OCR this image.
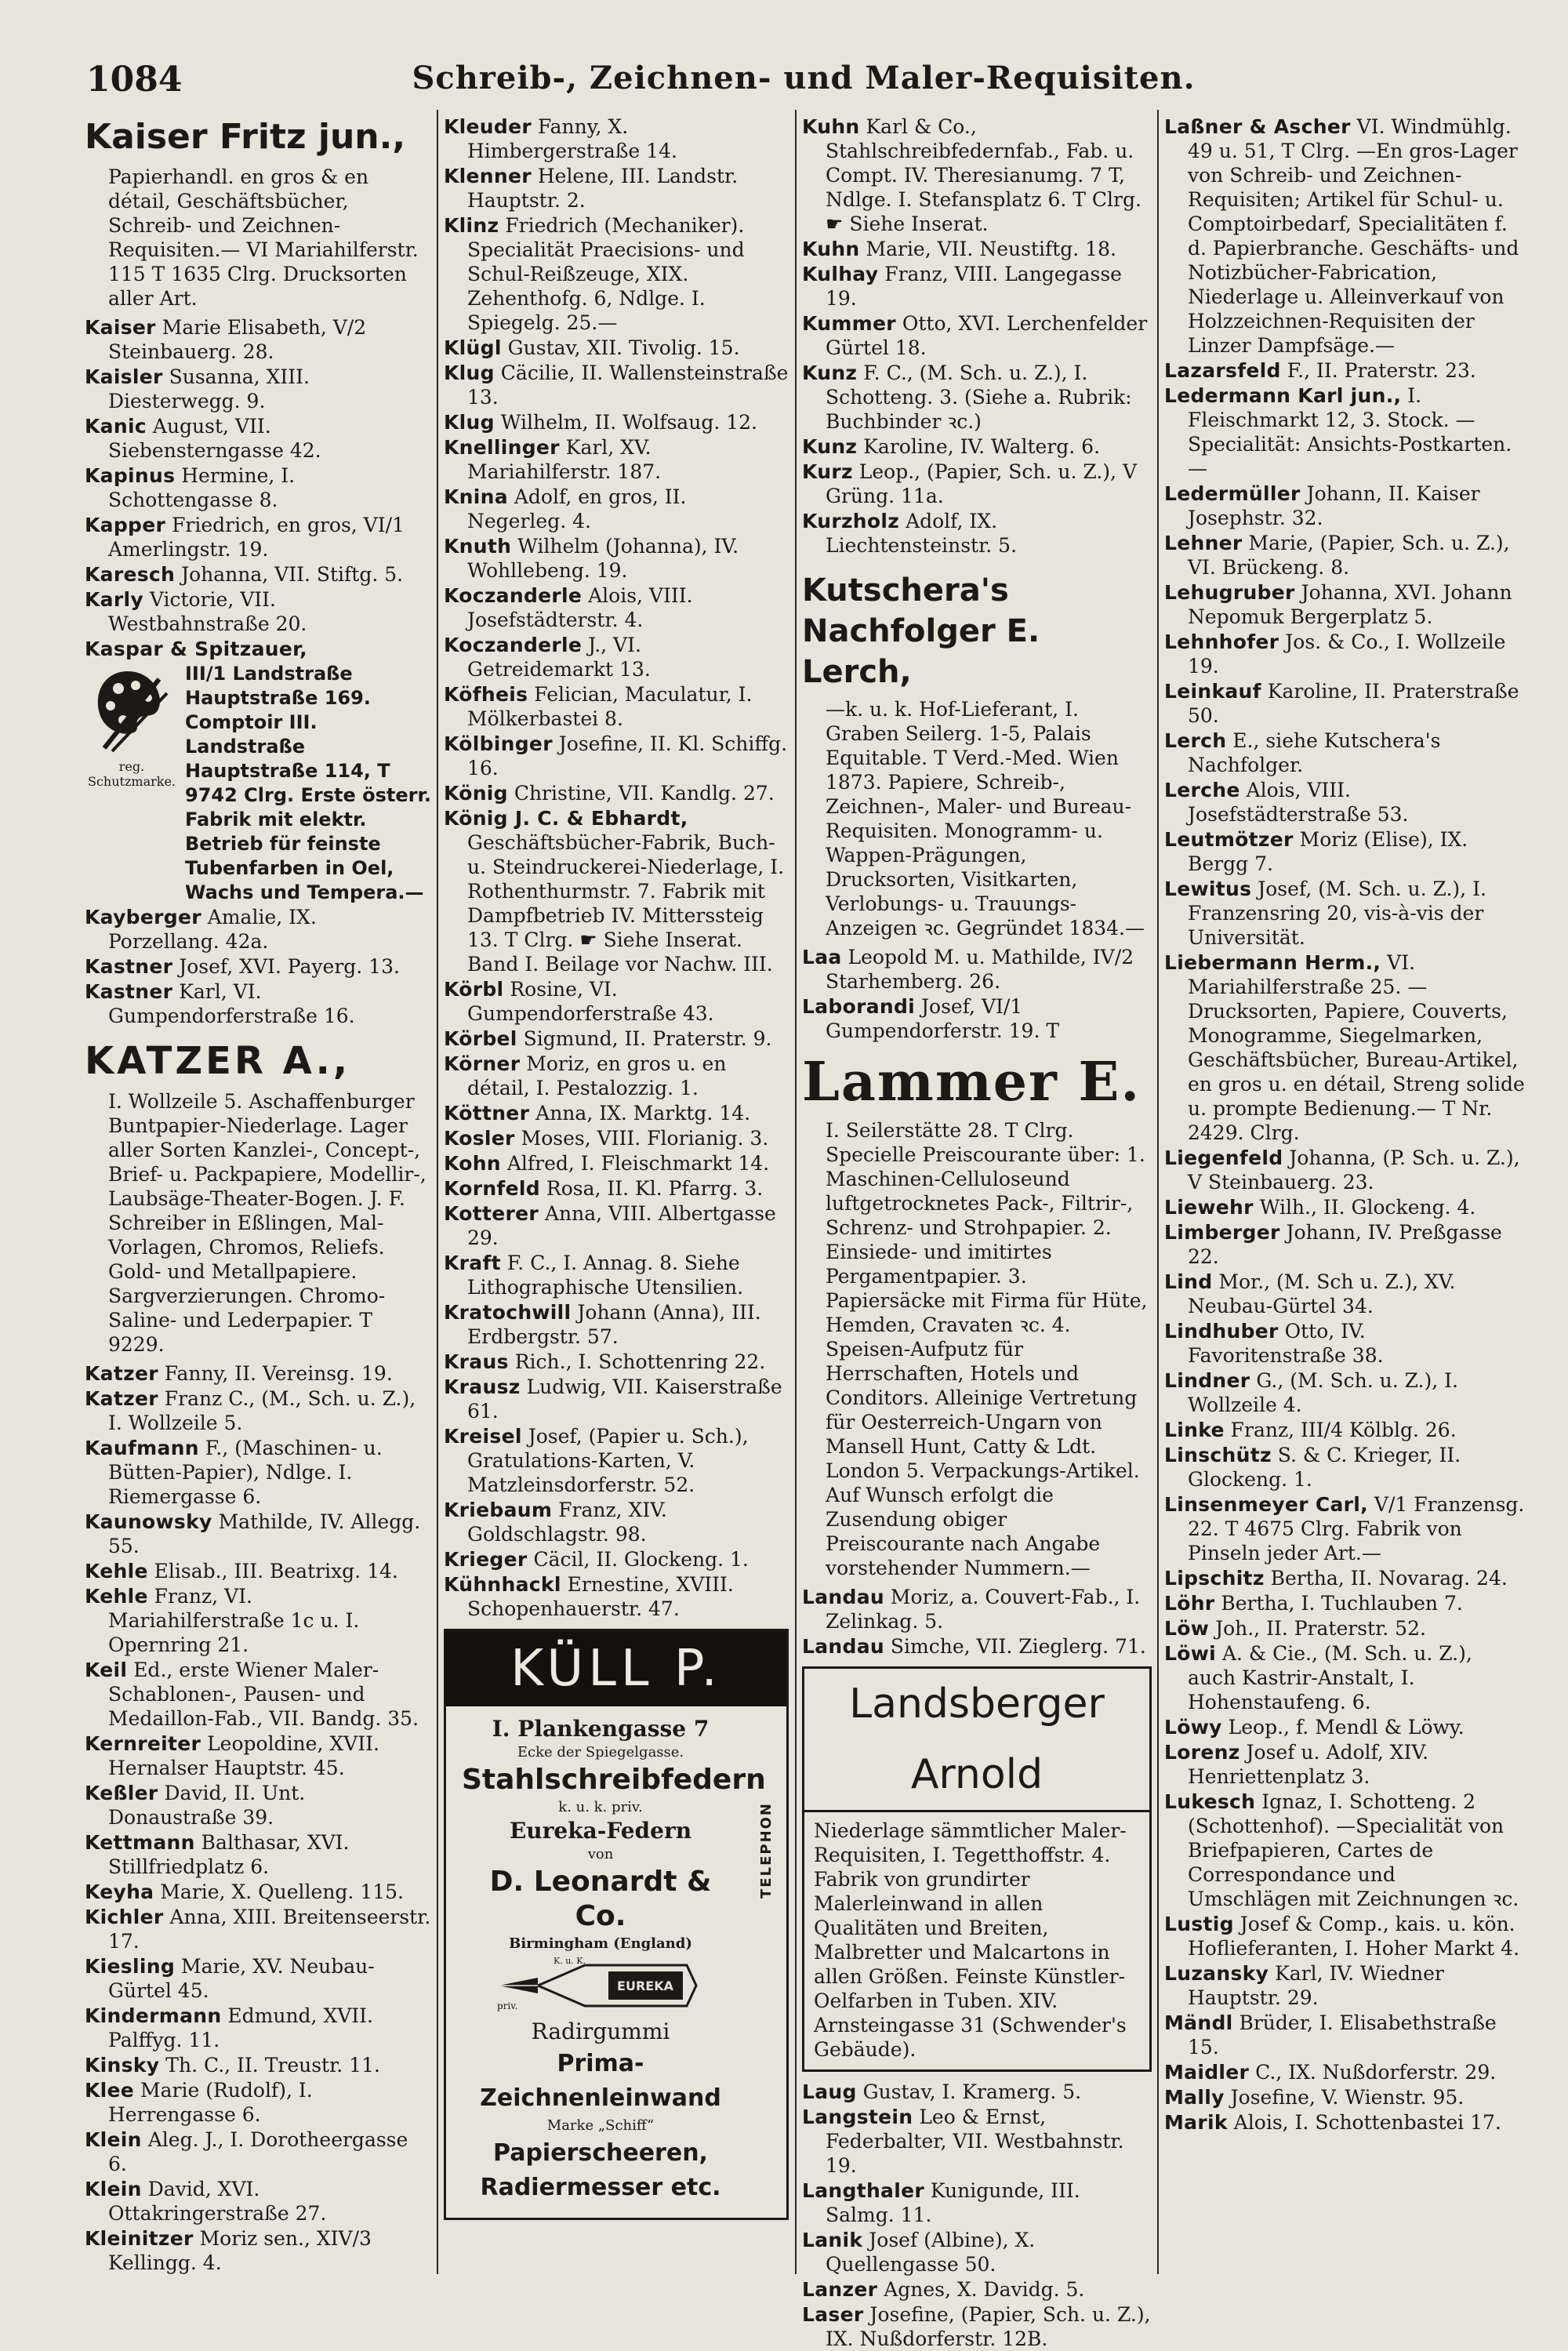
1084	Schreib-, Zeichnen- und Maler-Requisiten.
Kaiser Fritz jun.,
Papierhandl. en gros & en détail, Geschäftsbücher, Schreib- und Zeichnen-Requisiten.— VI Mariahilferstr. 115 T 1635 Clrg. Drucksorten aller Art.
Kaiser Marie Elisabeth, V/2 Steinbauerg. 28.
Kaisler Susanna, XIII. Diesterwegg. 9.
Kanic August, VII. Siebensterngasse 42.
Kapinus Hermine, I. Schottengasse 8.
Kapper Friedrich, en gros, VI/1 Amerlingstr. 19.
Karesch Johanna, VII. Stiftg. 5.
Karly Victorie, VII. Westbahnstraße 20.
Kaspar & Spitzauer,
reg. Schutzmarke.
III/1 Landstraße Hauptstraße 169. Comptoir III. Landstraße Hauptstraße 114, T 9742 Clrg. Erste österr. Fabrik mit elektr. Betrieb für feinste Tubenfarben in Oel, Wachs und Tempera.—
Kayberger Amalie, IX. Porzellang. 42a.
Kastner Josef, XVI. Payerg. 13.
Kastner Karl, VI. Gumpendorferstraße 16.
KATZER A.,
I. Wollzeile 5. Aschaffenburger Buntpapier-Niederlage. Lager aller Sorten Kanzlei-, Concept-, Brief- u. Packpapiere, Modellir-, Laubsäge-Theater-Bogen. J. F. Schreiber in Eßlingen, Mal-Vorlagen, Chromos, Reliefs. Gold- und Metallpapiere. Sargverzierungen. Chromo-Saline- und Lederpapier. T 9229.
Katzer Fanny, II. Vereinsg. 19.
Katzer Franz C., (M., Sch. u. Z.), I. Wollzeile 5.
Kaufmann F., (Maschinen- u. Bütten-Papier), Ndlge. I. Riemergasse 6.
Kaunowsky Mathilde, IV. Allegg. 55.
Kehle Elisab., III. Beatrixg. 14.
Kehle Franz, VI. Mariahilferstraße 1c u. I. Opernring 21.
Keil Ed., erste Wiener Maler-Schablonen-, Pausen- und Medaillon-Fab., VII. Bandg. 35.
Kernreiter Leopoldine, XVII. Hernalser Hauptstr. 45.
Keßler David, II. Unt. Donaustraße 39.
Kettmann Balthasar, XVI. Stillfriedplatz 6.
Keyha Marie, X. Quelleng. 115.
Kichler Anna, XIII. Breitenseerstr. 17.
Kiesling Marie, XV. Neubau-Gürtel 45.
Kindermann Edmund, XVII. Palffyg. 11.
Kinsky Th. C., II. Treustr. 11.
Klee Marie (Rudolf), I. Herrengasse 6.
Klein Aleg. J., I. Dorotheergasse 6.
Klein David, XVI. Ottakringerstraße 27.
Kleinitzer Moriz sen., XIV/3 Kellingg. 4.
Kleuder Fanny, X. Himbergerstraße 14.
Klenner Helene, III. Landstr. Hauptstr. 2.
Klinz Friedrich (Mechaniker). Specialität Praecisions- und Schul-Reißzeuge, XIX. Zehenthofg. 6, Ndlge. I. Spiegelg. 25.—
Klügl Gustav, XII. Tivolig. 15.
Klug Cäcilie, II. Wallensteinstraße 13.
Klug Wilhelm, II. Wolfsaug. 12.
Knellinger Karl, XV. Mariahilferstr. 187.
Knina Adolf, en gros, II. Negerleg. 4.
Knuth Wilhelm (Johanna), IV. Wohllebeng. 19.
Koczanderle Alois, VIII. Josefstädterstr. 4.
Koczanderle J., VI. Getreidemarkt 13.
Köfheis Felician, Maculatur, I. Mölkerbastei 8.
Kölbinger Josefine, II. Kl. Schiffg. 16.
König Christine, VII. Kandlg. 27.
König J. C. & Ebhardt, Geschäftsbücher-Fabrik, Buch- u. Steindruckerei-Niederlage, I. Rothenthurmstr. 7. Fabrik mit Dampfbetrieb IV. Mitterssteig 13. T Clrg. ☛ Siehe Inserat. Band I. Beilage vor Nachw. III.
Körbl Rosine, VI. Gumpendorferstraße 43.
Körbel Sigmund, II. Praterstr. 9.
Körner Moriz, en gros u. en détail, I. Pestalozzig. 1.
Köttner Anna, IX. Marktg. 14.
Kosler Moses, VIII. Florianig. 3.
Kohn Alfred, I. Fleischmarkt 14.
Kornfeld Rosa, II. Kl. Pfarrg. 3.
Kotterer Anna, VIII. Albertgasse 29.
Kraft F. C., I. Annag. 8. Siehe Lithographische Utensilien.
Kratochwill Johann (Anna), III. Erdbergstr. 57.
Kraus Rich., I. Schottenring 22.
Krausz Ludwig, VII. Kaiserstraße 61.
Kreisel Josef, (Papier u. Sch.), Gratulations-Karten, V. Matzleinsdorferstr. 52.
Kriebaum Franz, XIV. Goldschlagstr. 98.
Krieger Cäcil, II. Glockeng. 1.
Kühnhackl Ernestine, XVIII. Schopenhauerstr. 47.
KÜLL P.
I. Plankengasse 7
Ecke der Spiegelgasse.
Stahlschreibfedern
k. u. k. priv.
Eureka-Federn
von
D. Leonardt & Co.
Birmingham (England)
EUREKA
K. u. K.
priv.
Radirgummi
Prima-Zeichnenleinwand
Marke „Schiff“
Papierscheeren, Radiermesser etc.
TELEPHON
Kuhn Karl & Co., Stahlschreibfedernfab., Fab. u. Compt. IV. Theresianumg. 7 T, Ndlge. I. Stefansplatz 6. T Clrg. ☛ Siehe Inserat.
Kuhn Marie, VII. Neustiftg. 18.
Kulhay Franz, VIII. Langegasse 19.
Kummer Otto, XVI. Lerchenfelder Gürtel 18.
Kunz F. C., (M. Sch. u. Z.), I. Schotteng. 3. (Siehe a. Rubrik: Buchbinder ꝛc.)
Kunz Karoline, IV. Walterg. 6.
Kurz Leop., (Papier, Sch. u. Z.), V Grüng. 11a.
Kurzholz Adolf, IX. Liechtensteinstr. 5.
Kutschera's Nachfolger E. Lerch,
—k. u. k. Hof-Lieferant, I. Graben Seilerg. 1-5, Palais Equitable. T Verd.-Med. Wien 1873. Papiere, Schreib-, Zeichnen-, Maler- und Bureau-Requisiten. Monogramm- u. Wappen-Prägungen, Drucksorten, Visitkarten, Verlobungs- u. Trauungs-Anzeigen ꝛc. Gegründet 1834.—
Laa Leopold M. u. Mathilde, IV/2 Starhemberg. 26.
Laborandi Josef, VI/1 Gumpendorferstr. 19. T
Lammer E.
I. Seilerstätte 28. T Clrg. Specielle Preiscourante über: 1. Maschinen-Celluloseund luftgetrocknetes Pack-, Filtrir-, Schrenz- und Strohpapier. 2. Einsiede- und imitirtes Pergamentpapier. 3. Papiersäcke mit Firma für Hüte, Hemden, Cravaten ꝛc. 4. Speisen-Aufputz für Herrschaften, Hotels und Conditors. Alleinige Vertretung für Oesterreich-Ungarn von Mansell Hunt, Catty & Ldt. London 5. Verpackungs-Artikel. Auf Wunsch erfolgt die Zusendung obiger Preiscourante nach Angabe vorstehender Nummern.—
Landau Moriz, a. Couvert-Fab., I. Zelinkag. 5.
Landau Simche, VII. Zieglerg. 71.
Landsberger Arnold
Niederlage sämmtlicher Maler-Requisiten, I. Tegetthoffstr. 4. Fabrik von grundirter Malerleinwand in allen Qualitäten und Breiten, Malbretter und Malcartons in allen Größen. Feinste Künstler-Oelfarben in Tuben. XIV. Arnsteingasse 31 (Schwender's Gebäude).
Laug Gustav, I. Kramerg. 5.
Langstein Leo & Ernst, Federbalter, VII. Westbahnstr. 19.
Langthaler Kunigunde, III. Salmg. 11.
Lanik Josef (Albine), X. Quellengasse 50.
Lanzer Agnes, X. Davidg. 5.
Laser Josefine, (Papier, Sch. u. Z.), IX. Nußdorferstr. 12B.
Laßner & Ascher VI. Windmühlg. 49 u. 51, T Clrg. —En gros-Lager von Schreib- und Zeichnen-Requisiten; Artikel für Schul- u. Comptoirbedarf, Specialitäten f. d. Papierbranche. Geschäfts- und Notizbücher-Fabrication, Niederlage u. Alleinverkauf von Holzzeichnen-Requisiten der Linzer Dampfsäge.—
Lazarsfeld F., II. Praterstr. 23.
Ledermann Karl jun., I. Fleischmarkt 12, 3. Stock. —Specialität: Ansichts-Postkarten.—
Ledermüller Johann, II. Kaiser Josephstr. 32.
Lehner Marie, (Papier, Sch. u. Z.), VI. Brückeng. 8.
Lehugruber Johanna, XVI. Johann Nepomuk Bergerplatz 5.
Lehnhofer Jos. & Co., I. Wollzeile 19.
Leinkauf Karoline, II. Praterstraße 50.
Lerch E., siehe Kutschera's Nachfolger.
Lerche Alois, VIII. Josefstädterstraße 53.
Leutmötzer Moriz (Elise), IX. Bergg 7.
Lewitus Josef, (M. Sch. u. Z.), I. Franzensring 20, vis-à-vis der Universität.
Liebermann Herm., VI. Mariahilferstraße 25. —Drucksorten, Papiere, Couverts, Monogramme, Siegelmarken, Geschäftsbücher, Bureau-Artikel, en gros u. en détail, Streng solide u. prompte Bedienung.— T Nr. 2429. Clrg.
Liegenfeld Johanna, (P. Sch. u. Z.), V Steinbauerg. 23.
Liewehr Wilh., II. Glockeng. 4.
Limberger Johann, IV. Preßgasse 22.
Lind Mor., (M. Sch u. Z.), XV. Neubau-Gürtel 34.
Lindhuber Otto, IV. Favoritenstraße 38.
Lindner G., (M. Sch. u. Z.), I. Wollzeile 4.
Linke Franz, III/4 Kölblg. 26.
Linschütz S. & C. Krieger, II. Glockeng. 1.
Linsenmeyer Carl, V/1 Franzensg. 22. T 4675 Clrg. Fabrik von Pinseln jeder Art.—
Lipschitz Bertha, II. Novarag. 24.
Löhr Bertha, I. Tuchlauben 7.
Löw Joh., II. Praterstr. 52.
Löwi A. & Cie., (M. Sch. u. Z.), auch Kastrir-Anstalt, I. Hohenstaufeng. 6.
Löwy Leop., f. Mendl & Löwy.
Lorenz Josef u. Adolf, XIV. Henriettenplatz 3.
Lukesch Ignaz, I. Schotteng. 2 (Schottenhof). —Specialität von Briefpapieren, Cartes de Correspondance und Umschlägen mit Zeichnungen ꝛc.
Lustig Josef & Comp., kais. u. kön. Hoflieferanten, I. Hoher Markt 4.
Luzansky Karl, IV. Wiedner Hauptstr. 29.
Mändl Brüder, I. Elisabethstraße 15.
Maidler C., IX. Nußdorferstr. 29.
Mally Josefine, V. Wienstr. 95.
Marik Alois, I. Schottenbastei 17.
